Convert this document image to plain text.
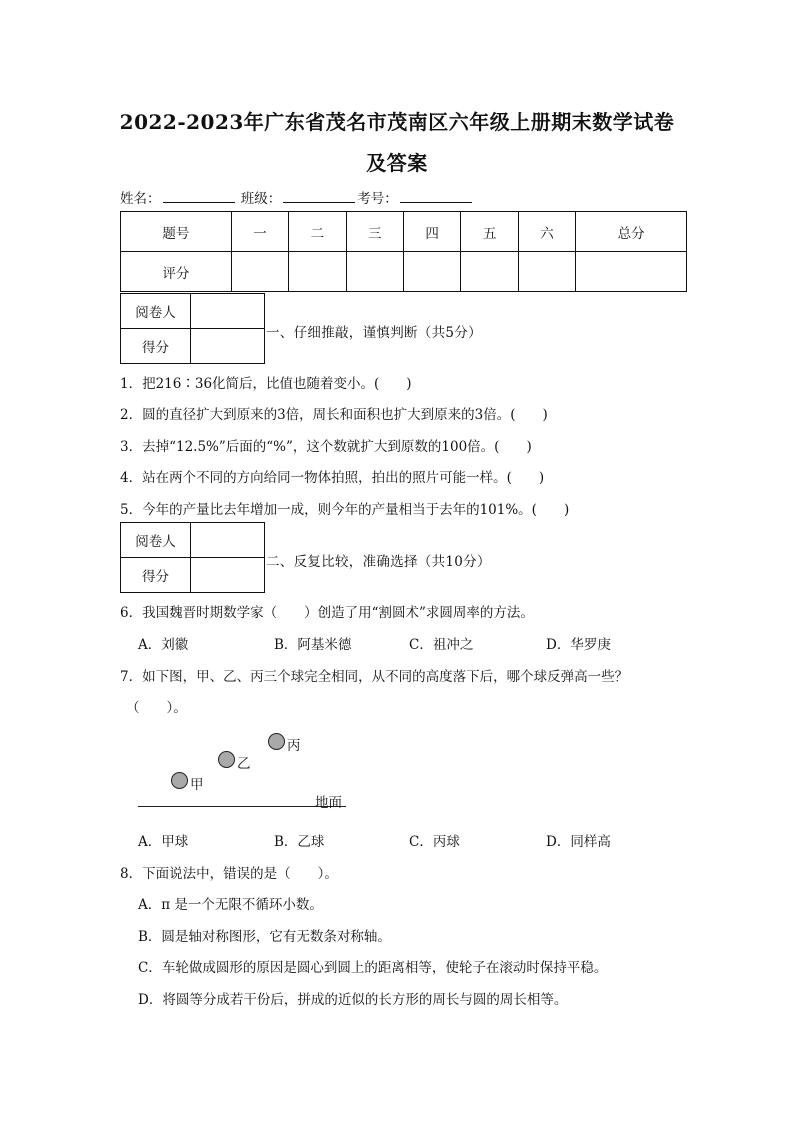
2022-2023年广东省茂名市茂南区六年级上册期末数学试卷
及答案
姓名：	班级：	考号：
题号	一	二	三	四	五	六	总分
评分							
阅卷人	
得分	
一、仔细推敲，谨慎判断（共5分）
1．把216∶36化简后，比值也随着变小。(　　)
2．圆的直径扩大到原来的3倍，周长和面积也扩大到原来的3倍。(　　)
3．去掉“12.5%”后面的“%”，这个数就扩大到原数的100倍。(　　)
4．站在两个不同的方向给同一物体拍照，拍出的照片可能一样。(　　)
5．今年的产量比去年增加一成，则今年的产量相当于去年的101%。(　　)
阅卷人	
得分	
二、反复比较，准确选择（共10分）
6．我国魏晋时期数学家（　　）创造了用“割圆术”求圆周率的方法。
A．刘徽	B．阿基米德	C．祖冲之	D．华罗庚
7．如下图，甲、乙、丙三个球完全相同，从不同的高度落下后，哪个球反弹高一些？
（　　）。
甲
乙
丙
地面
A．甲球	B．乙球	C．丙球	D．同样高
8．下面说法中，错误的是（　　）。
A．π 是一个无限不循环小数。
B．圆是轴对称图形，它有无数条对称轴。
C．车轮做成圆形的原因是圆心到圆上的距离相等，使轮子在滚动时保持平稳。
D．将圆等分成若干份后，拼成的近似的长方形的周长与圆的周长相等。
